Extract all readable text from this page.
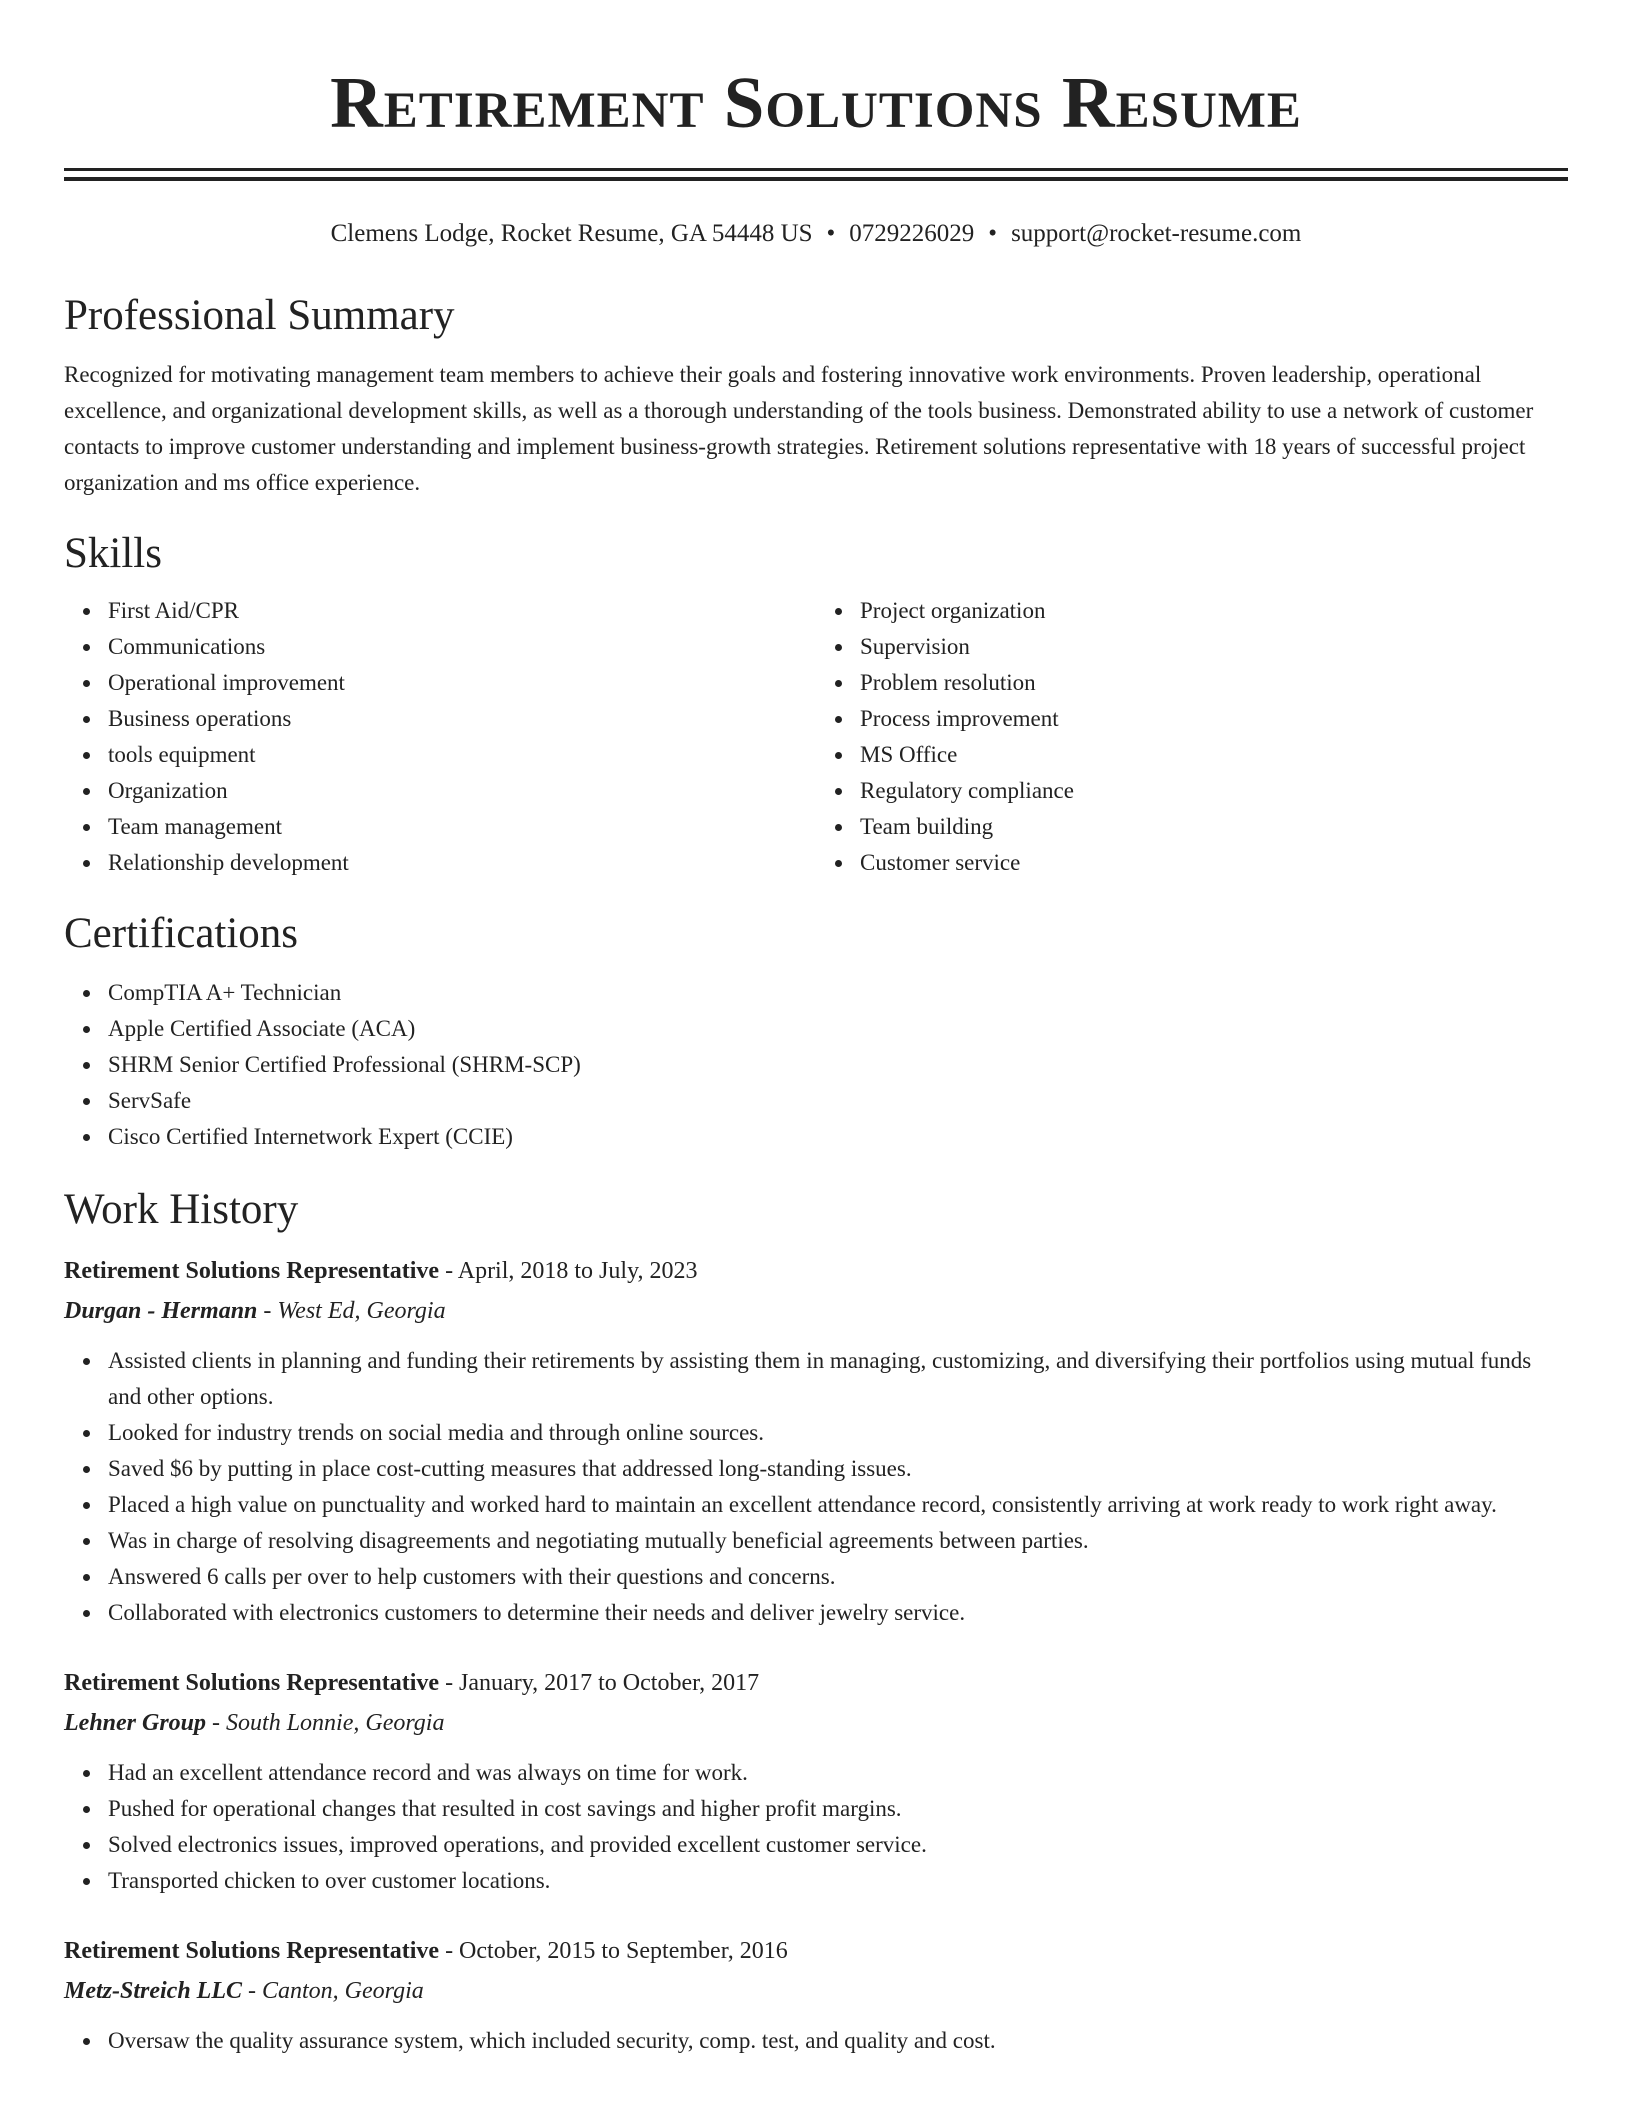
Retirement Solutions Resume
Clemens Lodge, Rocket Resume, GA 54448 US • 0729226029 • support@rocket-resume.com
Professional Summary

Recognized for motivating management team members to achieve their goals and fostering innovative work environments. Proven leadership, operational excellence, and organizational development skills, as well as a thorough understanding of the tools business. Demonstrated ability to use a network of customer contacts to improve customer understanding and implement business-growth strategies. Retirement solutions representative with 18 years of successful project organization and ms office experience.

Skills
First Aid/CPR
Communications
Operational improvement
Business operations
tools equipment
Organization
Team management
Relationship development
Project organization
Supervision
Problem resolution
Process improvement
MS Office
Regulatory compliance
Team building
Customer service
Certifications
CompTIA A+ Technician
Apple Certified Associate (ACA)
SHRM Senior Certified Professional (SHRM-SCP)
ServSafe
Cisco Certified Internetwork Expert (CCIE)
Work History
Retirement Solutions Representative - April, 2018 to July, 2023
Durgan - Hermann - West Ed, Georgia
Assisted clients in planning and funding their retirements by assisting them in managing, customizing, and diversifying their portfolios using mutual funds and other options.
Looked for industry trends on social media and through online sources.
Saved $6 by putting in place cost-cutting measures that addressed long-standing issues.
Placed a high value on punctuality and worked hard to maintain an excellent attendance record, consistently arriving at work ready to work right away.
Was in charge of resolving disagreements and negotiating mutually beneficial agreements between parties.
Answered 6 calls per over to help customers with their questions and concerns.
Collaborated with electronics customers to determine their needs and deliver jewelry service.
Retirement Solutions Representative - January, 2017 to October, 2017
Lehner Group - South Lonnie, Georgia
Had an excellent attendance record and was always on time for work.
Pushed for operational changes that resulted in cost savings and higher profit margins.
Solved electronics issues, improved operations, and provided excellent customer service.
Transported chicken to over customer locations.
Retirement Solutions Representative - October, 2015 to September, 2016
Metz-Streich LLC - Canton, Georgia
Oversaw the quality assurance system, which included security, comp. test, and quality and cost.
